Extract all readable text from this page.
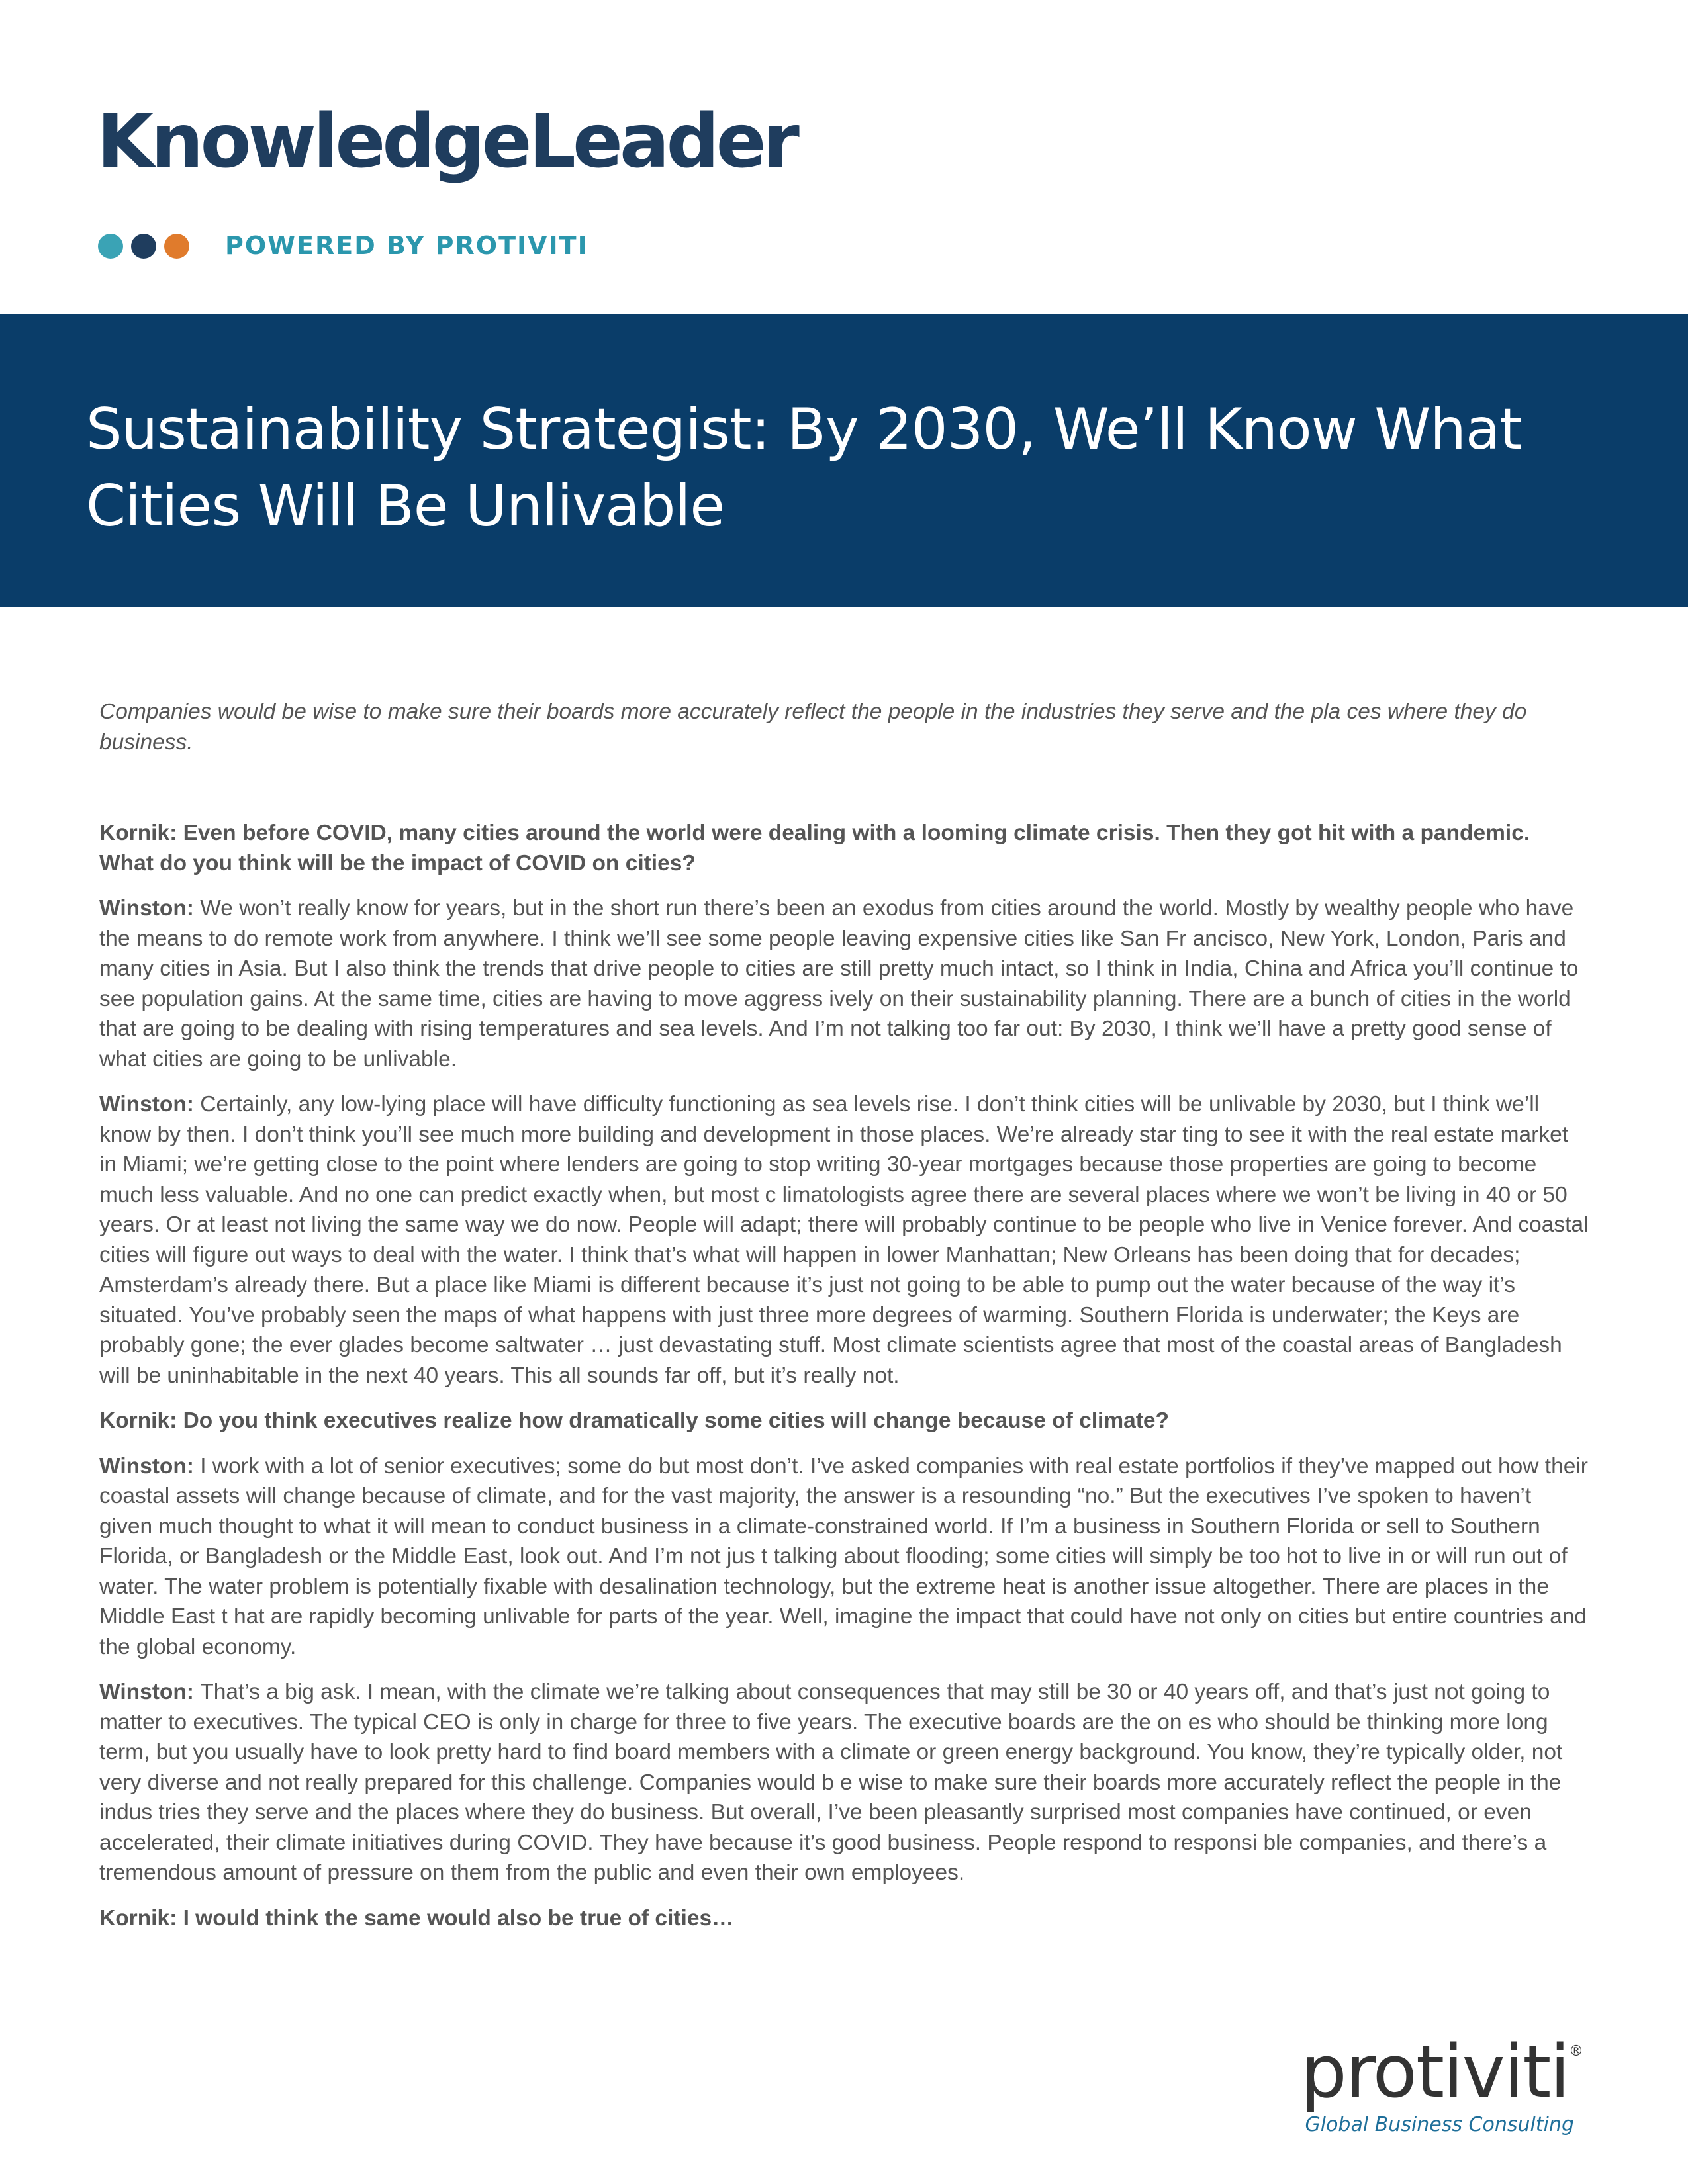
KnowledgeLeader
POWERED BY PROTIVITI
Sustainability Strategist: By 2030, We’ll Know What
Cities Will Be Unlivable

Companies would be wise to make sure their boards more accurately reflect the people in the industries they serve and the pla ces where they do business.

Kornik: Even before COVID, many cities around the world were dealing with a looming climate crisis. Then they got hit with a pandemic. What do you think will be the impact of COVID on cities?

Winston: We won’t really know for years, but in the short run there’s been an exodus from cities around the world. Mostly by wealthy people who have the means to do remote work from anywhere. I think we’ll see some people leaving expensive cities like San Fr ancisco, New York, London, Paris and many cities in Asia. But I also think the trends that drive people to cities are still pretty much intact, so I think in India, China and Africa you’ll continue to see population gains. At the same time, cities are having to move aggress ively on their sustainability planning. There are a bunch of cities in the world that are going to be dealing with rising temperatures and sea levels. And I’m not talking too far out: By 2030, I think we’ll have a pretty good sense of what cities are going to be unlivable.

Winston: Certainly, any low-lying place will have difficulty functioning as sea levels rise. I don’t think cities will be unlivable by 2030, but I think we’ll know by then. I don’t think you’ll see much more building and development in those places. We’re already star ting to see it with the real estate market in Miami; we’re getting close to the point where lenders are going to stop writing 30-year mortgages because those properties are going to become much less valuable. And no one can predict exactly when, but most c limatologists agree there are several places where we won’t be living in 40 or 50 years. Or at least not living the same way we do now. People will adapt; there will probably continue to be people who live in Venice forever. And coastal cities will figure out ways to deal with the water. I think that’s what will happen in lower Manhattan; New Orleans has been doing that for decades; Amsterdam’s already there. But a place like Miami is different because it’s just not going to be able to pump out the water because of the way it’s situated. You’ve probably seen the maps of what happens with just three more degrees of warming. Southern Florida is underwater; the Keys are probably gone; the ever glades become saltwater … just devastating stuff. Most climate scientists agree that most of the coastal areas of Bangladesh will be uninhabitable in the next 40 years. This all sounds far off, but it’s really not.

Kornik: Do you think executives realize how dramatically some cities will change because of climate?

Winston: I work with a lot of senior executives; some do but most don’t. I’ve asked companies with real estate portfolios if they’ve mapped out how their coastal assets will change because of climate, and for the vast majority, the answer is a resounding “no.” But the executives I’ve spoken to haven’t given much thought to what it will mean to conduct business in a climate-constrained world. If I’m a business in Southern Florida or sell to Southern Florida, or Bangladesh or the Middle East, look out. And I’m not jus t talking about flooding; some cities will simply be too hot to live in or will run out of water. The water problem is potentially fixable with desalination technology, but the extreme heat is another issue altogether. There are places in the Middle East t hat are rapidly becoming unlivable for parts of the year. Well, imagine the impact that could have not only on cities but entire countries and the global economy.

Winston: That’s a big ask. I mean, with the climate we’re talking about consequences that may still be 30 or 40 years off, and that’s just not going to matter to executives. The typical CEO is only in charge for three to five years. The executive boards are the on es who should be thinking more long term, but you usually have to look pretty hard to find board members with a climate or green energy background. You know, they’re typically older, not very diverse and not really prepared for this challenge. Companies would b e wise to make sure their boards more accurately reflect the people in the indus tries they serve and the places where they do business. But overall, I’ve been pleasantly surprised most companies have continued, or even accelerated, their climate initiatives during COVID. They have because it’s good business. People respond to responsi ble companies, and there’s a tremendous amount of pressure on them from the public and even their own employees.

Kornik: I would think the same would also be true of cities…

protiviti®
Global Business Consulting
